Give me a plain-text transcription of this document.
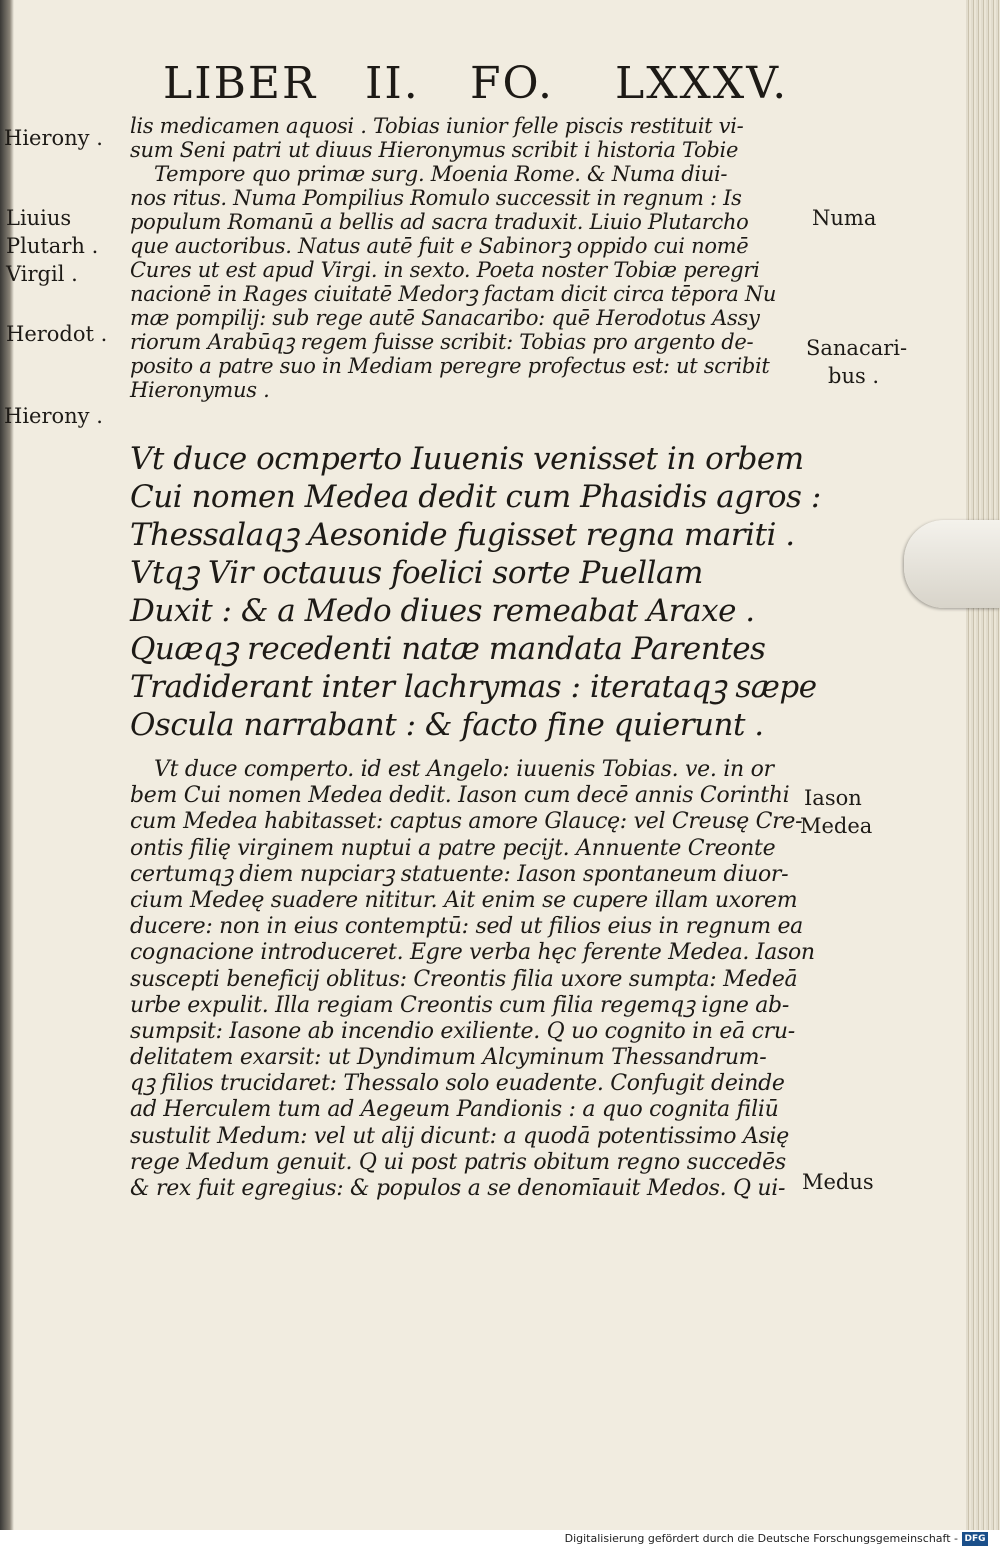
LIBER II. FO. LXXXV.
lis medicamen aquosi . Tobias iunior felle piscis restituit vi-
sum Seni patri ut diuus Hieronymus scribit i historia Tobie
Tempore quo primæ surg. Moenia Rome. & Numa diui-
nos ritus. Numa Pompilius Romulo successit in regnum : Is
populum Romanū a bellis ad sacra traduxit. Liuio Plutarcho
que auctoribus. Natus autē fuit e Sabinorꝫ oppido cui nomē
Cures ut est apud Virgi. in sexto. Poeta noster Tobiæ peregri
nacionē in Rages ciuitatē Medorꝫ factam dicit circa tēpora Nu
mæ pompilij: sub rege autē Sanacaribo: quē Herodotus Assy
riorum Arabūqꝫ regem fuisse scribit: Tobias pro argento de-
posito a patre suo in Mediam peregre profectus est: ut scribit
Hieronymus .
Vt duce ocmperto Iuuenis venisset in orbem
Cui nomen Medea dedit cum Phasidis agros :
Thessalaqꝫ Aesonide fugisset regna mariti .
Vtqꝫ Vir octauus foelici sorte Puellam
Duxit : & a Medo diues remeabat Araxe .
Quæqꝫ recedenti natæ mandata Parentes
Tradiderant inter lachrymas : iterataqꝫ sæpe
Oscula narrabant : & facto fine quierunt .
Vt duce comperto. id est Angelo: iuuenis Tobias. ve. in or
bem Cui nomen Medea dedit. Iason cum decē annis Corinthi
cum Medea habitasset: captus amore Glaucę: vel Creusę Cre-
ontis filię virginem nuptui a patre pecijt. Annuente Creonte
certumqꝫ diem nupciarꝫ statuente: Iason spontaneum diuor-
cium Medeę suadere nititur. Ait enim se cupere illam uxorem
ducere: non in eius contemptū: sed ut filios eius in regnum ea
cognacione introduceret. Egre verba hęc ferente Medea. Iason
suscepti beneficij oblitus: Creontis filia uxore sumpta: Medeā
urbe expulit. Illa regiam Creontis cum filia regemqꝫ igne ab-
sumpsit: Iasone ab incendio exiliente. Q uo cognito in eā cru-
delitatem exarsit: ut Dyndimum Alcyminum Thessandrum-
qꝫ filios trucidaret: Thessalo solo euadente. Confugit deinde
ad Herculem tum ad Aegeum Pandionis : a quo cognita filiū
sustulit Medum: vel ut alij dicunt: a quodā potentissimo Asię
rege Medum genuit. Q ui post patris obitum regno succedēs
& rex fuit egregius: & populos a se denomīauit Medos. Q ui-
Hierony .
Liuius
Plutarh .
Virgil .
Herodot .
Hierony .
Numa
Sanacari-
bus .
Iason
Medea
Medus
Digitalisierung gefördert durch die Deutsche Forschungsgemeinschaft - DFG
